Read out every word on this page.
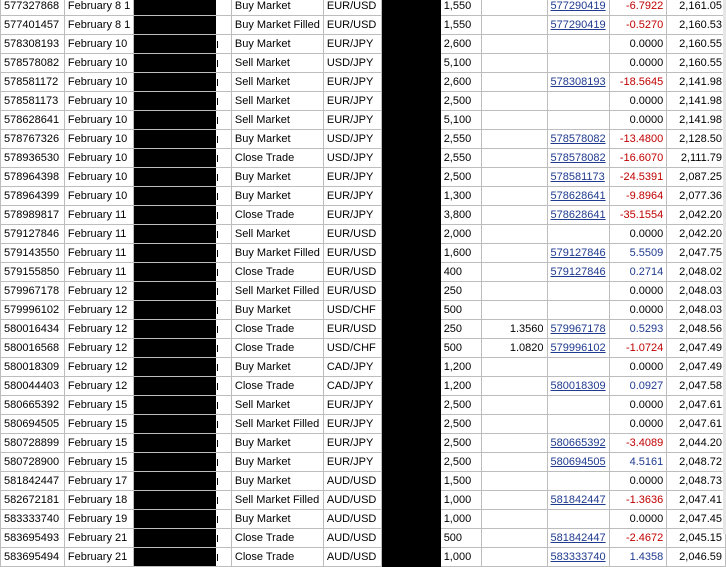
577327868	February 8 1		Buy Market	EUR/USD		1,550		577290419	-6.7922	2,161.05
577401457	February 8 1		Buy Market Filled	EUR/USD		1,550		577290419	-0.5270	2,160.53
578308193	February 10		Buy Market	EUR/JPY		2,600			0.0000	2,160.55
578578082	February 10		Sell Market	USD/JPY		5,100			0.0000	2,160.55
578581172	February 10		Sell Market	EUR/JPY		2,600		578308193	-18.5645	2,141.98
578581173	February 10		Sell Market	EUR/JPY		2,500			0.0000	2,141.98
578628641	February 10		Sell Market	EUR/JPY		5,100			0.0000	2,141.98
578767326	February 10		Buy Market	USD/JPY		2,550		578578082	-13.4800	2,128.50
578936530	February 10		Close Trade	USD/JPY		2,550		578578082	-16.6070	2,111.79
578964398	February 10		Buy Market	EUR/JPY		2,500		578581173	-24.5391	2,087.25
578964399	February 10		Buy Market	EUR/JPY		1,300		578628641	-9.8964	2,077.36
578989817	February 11		Close Trade	EUR/JPY		3,800		578628641	-35.1554	2,042.20
579127846	February 11		Sell Market	EUR/USD		2,000			0.0000	2,042.20
579143550	February 11		Buy Market Filled	EUR/USD		1,600		579127846	5.5509	2,047.75
579155850	February 11		Close Trade	EUR/USD		400		579127846	0.2714	2,048.02
579967178	February 12		Sell Market Filled	EUR/USD		250			0.0000	2,048.03
579996102	February 12		Buy Market	USD/CHF		500			0.0000	2,048.03
580016434	February 12		Close Trade	EUR/USD		250	1.3560	579967178	0.5293	2,048.56
580016568	February 12		Close Trade	USD/CHF		500	1.0820	579996102	-1.0724	2,047.49
580018309	February 12		Buy Market	CAD/JPY		1,200			0.0000	2,047.49
580044403	February 12		Close Trade	CAD/JPY		1,200		580018309	0.0927	2,047.58
580665392	February 15		Sell Market	EUR/JPY		2,500			0.0000	2,047.61
580694505	February 15		Sell Market Filled	EUR/JPY		2,500			0.0000	2,047.61
580728899	February 15		Buy Market	EUR/JPY		2,500		580665392	-3.4089	2,044.20
580728900	February 15		Buy Market	EUR/JPY		2,500		580694505	4.5161	2,048.72
581842447	February 17		Buy Market	AUD/USD		1,500			0.0000	2,048.73
582672181	February 18		Sell Market Filled	AUD/USD		1,000		581842447	-1.3636	2,047.41
583333740	February 19		Buy Market	AUD/USD		1,000			0.0000	2,047.45
583695493	February 21		Close Trade	AUD/USD		500		581842447	-2.4672	2,045.15
583695494	February 21		Close Trade	AUD/USD		1,000		583333740	1.4358	2,046.59
